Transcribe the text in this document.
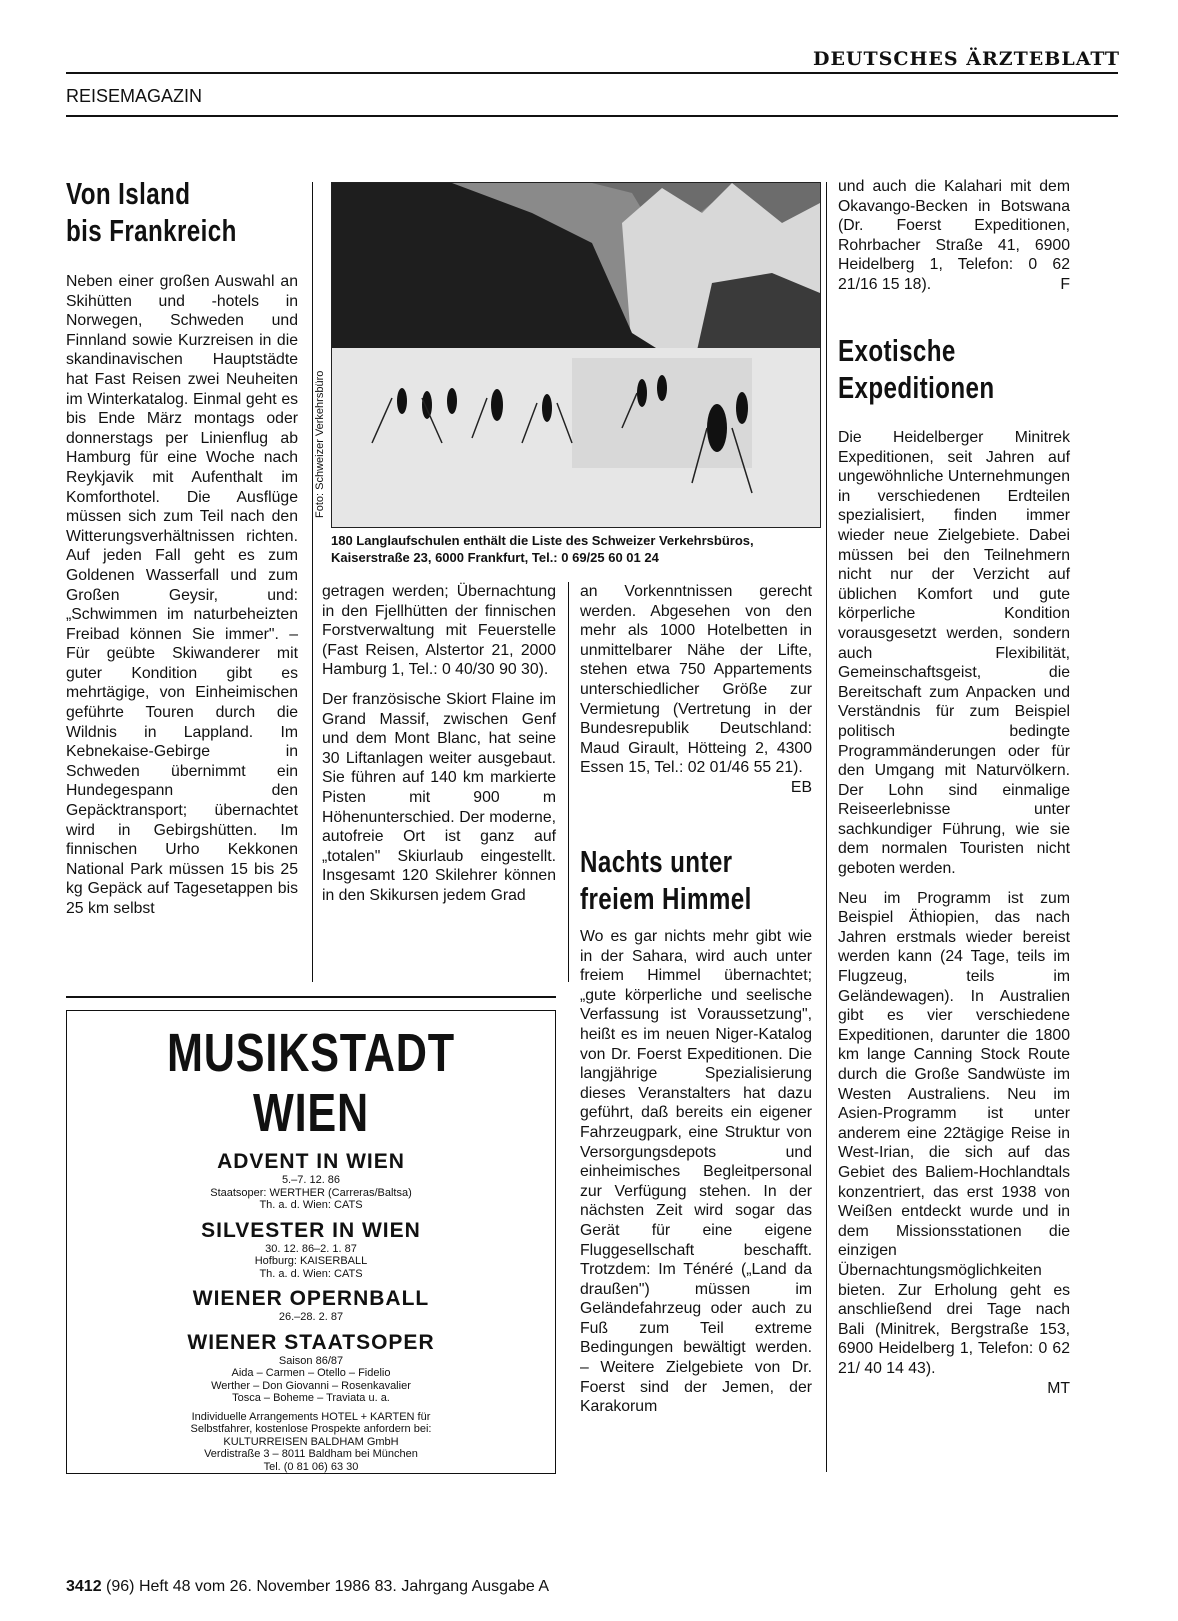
DEUTSCHES ÄRZTEBLATT
REISEMAGAZIN
Von Island
bis Frankreich

Neben einer großen Auswahl an Skihütten und -hotels in Norwegen, Schweden und Finnland sowie Kurzreisen in die skandinavischen Hauptstädte hat Fast Reisen zwei Neuheiten im Winterkatalog. Einmal geht es bis Ende März montags oder donnerstags per Linienflug ab Hamburg für eine Woche nach Reykjavik mit Aufenthalt im Komforthotel. Die Ausflüge müssen sich zum Teil nach den Witterungsverhältnissen richten. Auf jeden Fall geht es zum Goldenen Wasserfall und zum Großen Geysir, und: „Schwimmen im naturbeheizten Freibad können Sie immer". – Für geübte Skiwanderer mit guter Kondition gibt es mehrtägige, von Einheimischen geführte Touren durch die Wildnis in Lappland. Im Kebnekaise-Gebirge in Schweden übernimmt ein Hundegespann den Gepäcktransport; übernachtet wird in Gebirgshütten. Im finnischen Urho Kekkonen National Park müssen 15 bis 25 kg Gepäck auf Tagesetappen bis 25 km selbst

Foto: Schweizer Verkehrsbüro
180 Langlaufschulen enthält die Liste des Schweizer Verkehrsbüros, Kaiserstraße 23, 6000 Frankfurt, Tel.: 0 69/25 60 01 24

getragen werden; Übernachtung in den Fjellhütten der finnischen Forstverwaltung mit Feuerstelle (Fast Reisen, Alstertor 21, 2000 Hamburg 1, Tel.: 0 40/30 90 30).

Der französische Skiort Flaine im Grand Massif, zwischen Genf und dem Mont Blanc, hat seine 30 Liftanlagen weiter ausgebaut. Sie führen auf 140 km markierte Pisten mit 900 m Höhenunterschied. Der moderne, autofreie Ort ist ganz auf „totalen" Skiurlaub eingestellt. Insgesamt 120 Skilehrer können in den Skikursen jedem Grad

an Vorkenntnissen gerecht werden. Abgesehen von den mehr als 1000 Hotelbetten in unmittelbarer Nähe der Lifte, stehen etwa 750 Appartements unterschiedlicher Größe zur Vermietung (Vertretung in der Bundesrepublik Deutschland: Maud Girault, Hötteing 2, 4300 Essen 15, Tel.: 02 01/46 55 21).

EB
Nachts unter
freiem Himmel

Wo es gar nichts mehr gibt wie in der Sahara, wird auch unter freiem Himmel übernachtet; „gute körperliche und seelische Verfassung ist Voraussetzung", heißt es im neuen Niger-Katalog von Dr. Foerst Expeditionen. Die langjährige Spezialisierung dieses Veranstalters hat dazu geführt, daß bereits ein eigener Fahrzeugpark, eine Struktur von Versorgungsdepots und einheimisches Begleitpersonal zur Verfügung stehen. In der nächsten Zeit wird sogar das Gerät für eine eigene Fluggesellschaft beschafft. Trotzdem: Im Ténéré („Land da draußen") müssen im Geländefahrzeug oder auch zu Fuß zum Teil extreme Bedingungen bewältigt werden. – Weitere Zielgebiete von Dr. Foerst sind der Jemen, der Karakorum

und auch die Kalahari mit dem Okavango-Becken in Botswana (Dr. Foerst Expeditionen, Rohrbacher Straße 41, 6900 Heidelberg 1, Telefon: 0 62 21/16 15 18).	F
Exotische
Expeditionen

Die Heidelberger Minitrek Expeditionen, seit Jahren auf ungewöhnliche Unternehmungen in verschiedenen Erdteilen spezialisiert, finden immer wieder neue Zielgebiete. Dabei müssen bei den Teilnehmern nicht nur der Verzicht auf üblichen Komfort und gute körperliche Kondition vorausgesetzt werden, sondern auch Flexibilität, Gemeinschaftsgeist, die Bereitschaft zum Anpacken und Verständnis für zum Beispiel politisch bedingte Programmänderungen oder für den Umgang mit Naturvölkern. Der Lohn sind einmalige Reiseerlebnisse unter sachkundiger Führung, wie sie dem normalen Touristen nicht geboten werden.

Neu im Programm ist zum Beispiel Äthiopien, das nach Jahren erstmals wieder bereist werden kann (24 Tage, teils im Flugzeug, teils im Geländewagen). In Australien gibt es vier verschiedene Expeditionen, darunter die 1800 km lange Canning Stock Route durch die Große Sandwüste im Westen Australiens. Neu im Asien-Programm ist unter anderem eine 22tägige Reise in West-Irian, die sich auf das Gebiet des Baliem-Hochlandtals konzentriert, das erst 1938 von Weißen entdeckt wurde und in dem Missionsstationen die einzigen Übernachtungsmöglichkeiten bieten. Zur Erholung geht es anschließend drei Tage nach Bali (Minitrek, Bergstraße 153, 6900 Heidelberg 1, Telefon: 0 62 21/ 40 14 43).

MT
MUSIKSTADT WIEN
ADVENT IN WIEN
5.–7. 12. 86
Staatsoper: WERTHER (Carreras/Baltsa)
Th. a. d. Wien: CATS
SILVESTER IN WIEN
30. 12. 86–2. 1. 87
Hofburg: KAISERBALL
Th. a. d. Wien: CATS
WIENER OPERNBALL
26.–28. 2. 87
WIENER STAATSOPER
Saison 86/87
Aida – Carmen – Otello – Fidelio
Werther – Don Giovanni – Rosenkavalier
Tosca – Boheme – Traviata u. a.
Individuelle Arrangements HOTEL + KARTEN für
Selbstfahrer, kostenlose Prospekte anfordern bei:
KULTURREISEN BALDHAM GmbH
Verdistraße 3 – 8011 Baldham bei München
Tel. (0 81 06) 63 30
3412 (96) Heft 48 vom 26. November 1986 83. Jahrgang Ausgabe A
